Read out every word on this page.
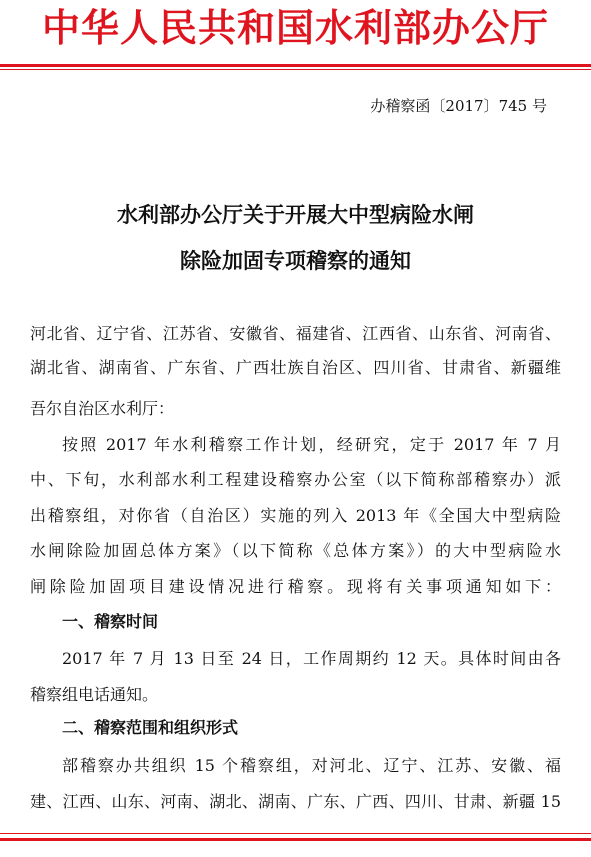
中华人民共和国水利部办公厅
办稽察函〔2017〕745 号
水利部办公厅关于开展大中型病险水闸
除险加固专项稽察的通知
河北省、辽宁省、江苏省、安徽省、福建省、江西省、山东省、河南省、
湖北省、湖南省、广东省、广西壮族自治区、四川省、甘肃省、新疆维
吾尔自治区水利厅：
按照 2017 年水利稽察工作计划，经研究，定于 2017 年 7 月
中、下旬，水利部水利工程建设稽察办公室（以下简称部稽察办）派
出稽察组，对你省（自治区）实施的列入 2013 年《全国大中型病险
水闸除险加固总体方案》（以下简称《总体方案》）的大中型病险水
闸除险加固项目建设情况进行稽察。现将有关事项通知如下：
一、稽察时间
2017 年 7 月 13 日至 24 日，工作周期约 12 天。具体时间由各
稽察组电话通知。
二、稽察范围和组织形式
部稽察办共组织 15 个稽察组，对河北、辽宁、江苏、安徽、福
建、江西、山东、河南、湖北、湖南、广东、广西、四川、甘肃、新疆 15
